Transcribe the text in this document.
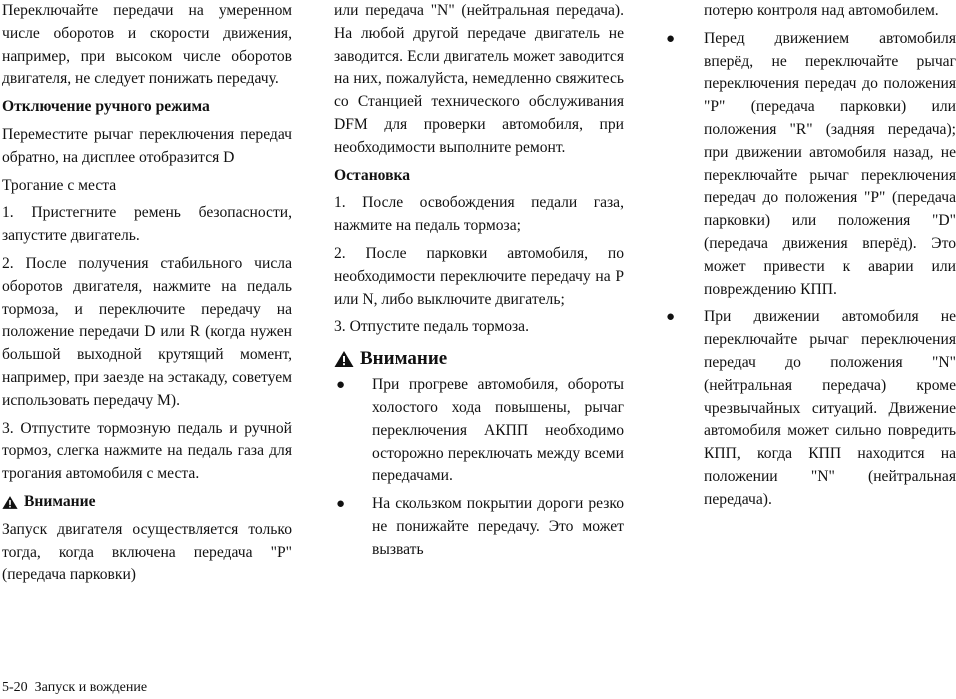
Переключайте передачи на умеренном числе оборотов и скорости движения, например, при высоком числе оборотов двигателя, не следует понижать передачу.

Отключение ручного режима

Переместите рычаг переключения передач обратно, на дисплее отобразится D

Трогание с места

1. Пристегните ремень безопасности, запустите двигатель.

2. После получения стабильного числа оборотов двигателя, нажмите на педаль тормоза, и переключите передачу на положение передачи D или R (когда нужен большой выходной крутящий момент, например, при заезде на эстакаду, советуем использовать передачу M).

3. Отпустите тормозную педаль и ручной тормоз, слегка нажмите на педаль газа для трогания автомобиля с места.

Внимание

Запуск двигателя осуществляется только тогда, когда включена передача "P" (передача парковки)

или передача "N" (нейтральная передача). На любой другой передаче двигатель не заводится. Если двигатель может заводится на них, пожалуйста, немедленно свяжитесь со Станцией технического обслуживания DFM для проверки автомобиля, при необходимости выполните ремонт.

Остановка

1. После освобождения педали газа, нажмите на педаль тормоза;

2. После парковки автомобиля, по необходимости переключите передачу на P или N, либо выключите двигатель;

3. Отпустите педаль тормоза.

Внимание
● При прогреве автомобиля, обороты холостого хода повышены, рычаг переключения АКПП необходимо осторожно переключать между всеми передачами.

● На скользком покрытии дороги резко не понижайте передачу. Это может вызвать

потерю контроля над автомобилем.

● Перед движением автомобиля вперёд, не переключайте рычаг переключения передач до положения "P" (передача парковки) или положения "R" (задняя передача); при движении автомобиля назад, не переключайте рычаг переключения передач до положения "P" (передача парковки) или положения "D" (передача движения вперёд). Это может привести к аварии или повреждению КПП.

● При движении автомобиля не переключайте рычаг переключения передач до положения "N" (нейтральная передача) кроме чрезвычайных ситуаций. Движение автомобиля может сильно повредить КПП, когда КПП находится на положении "N" (нейтральная передача).

5-20 Запуск и вождение
